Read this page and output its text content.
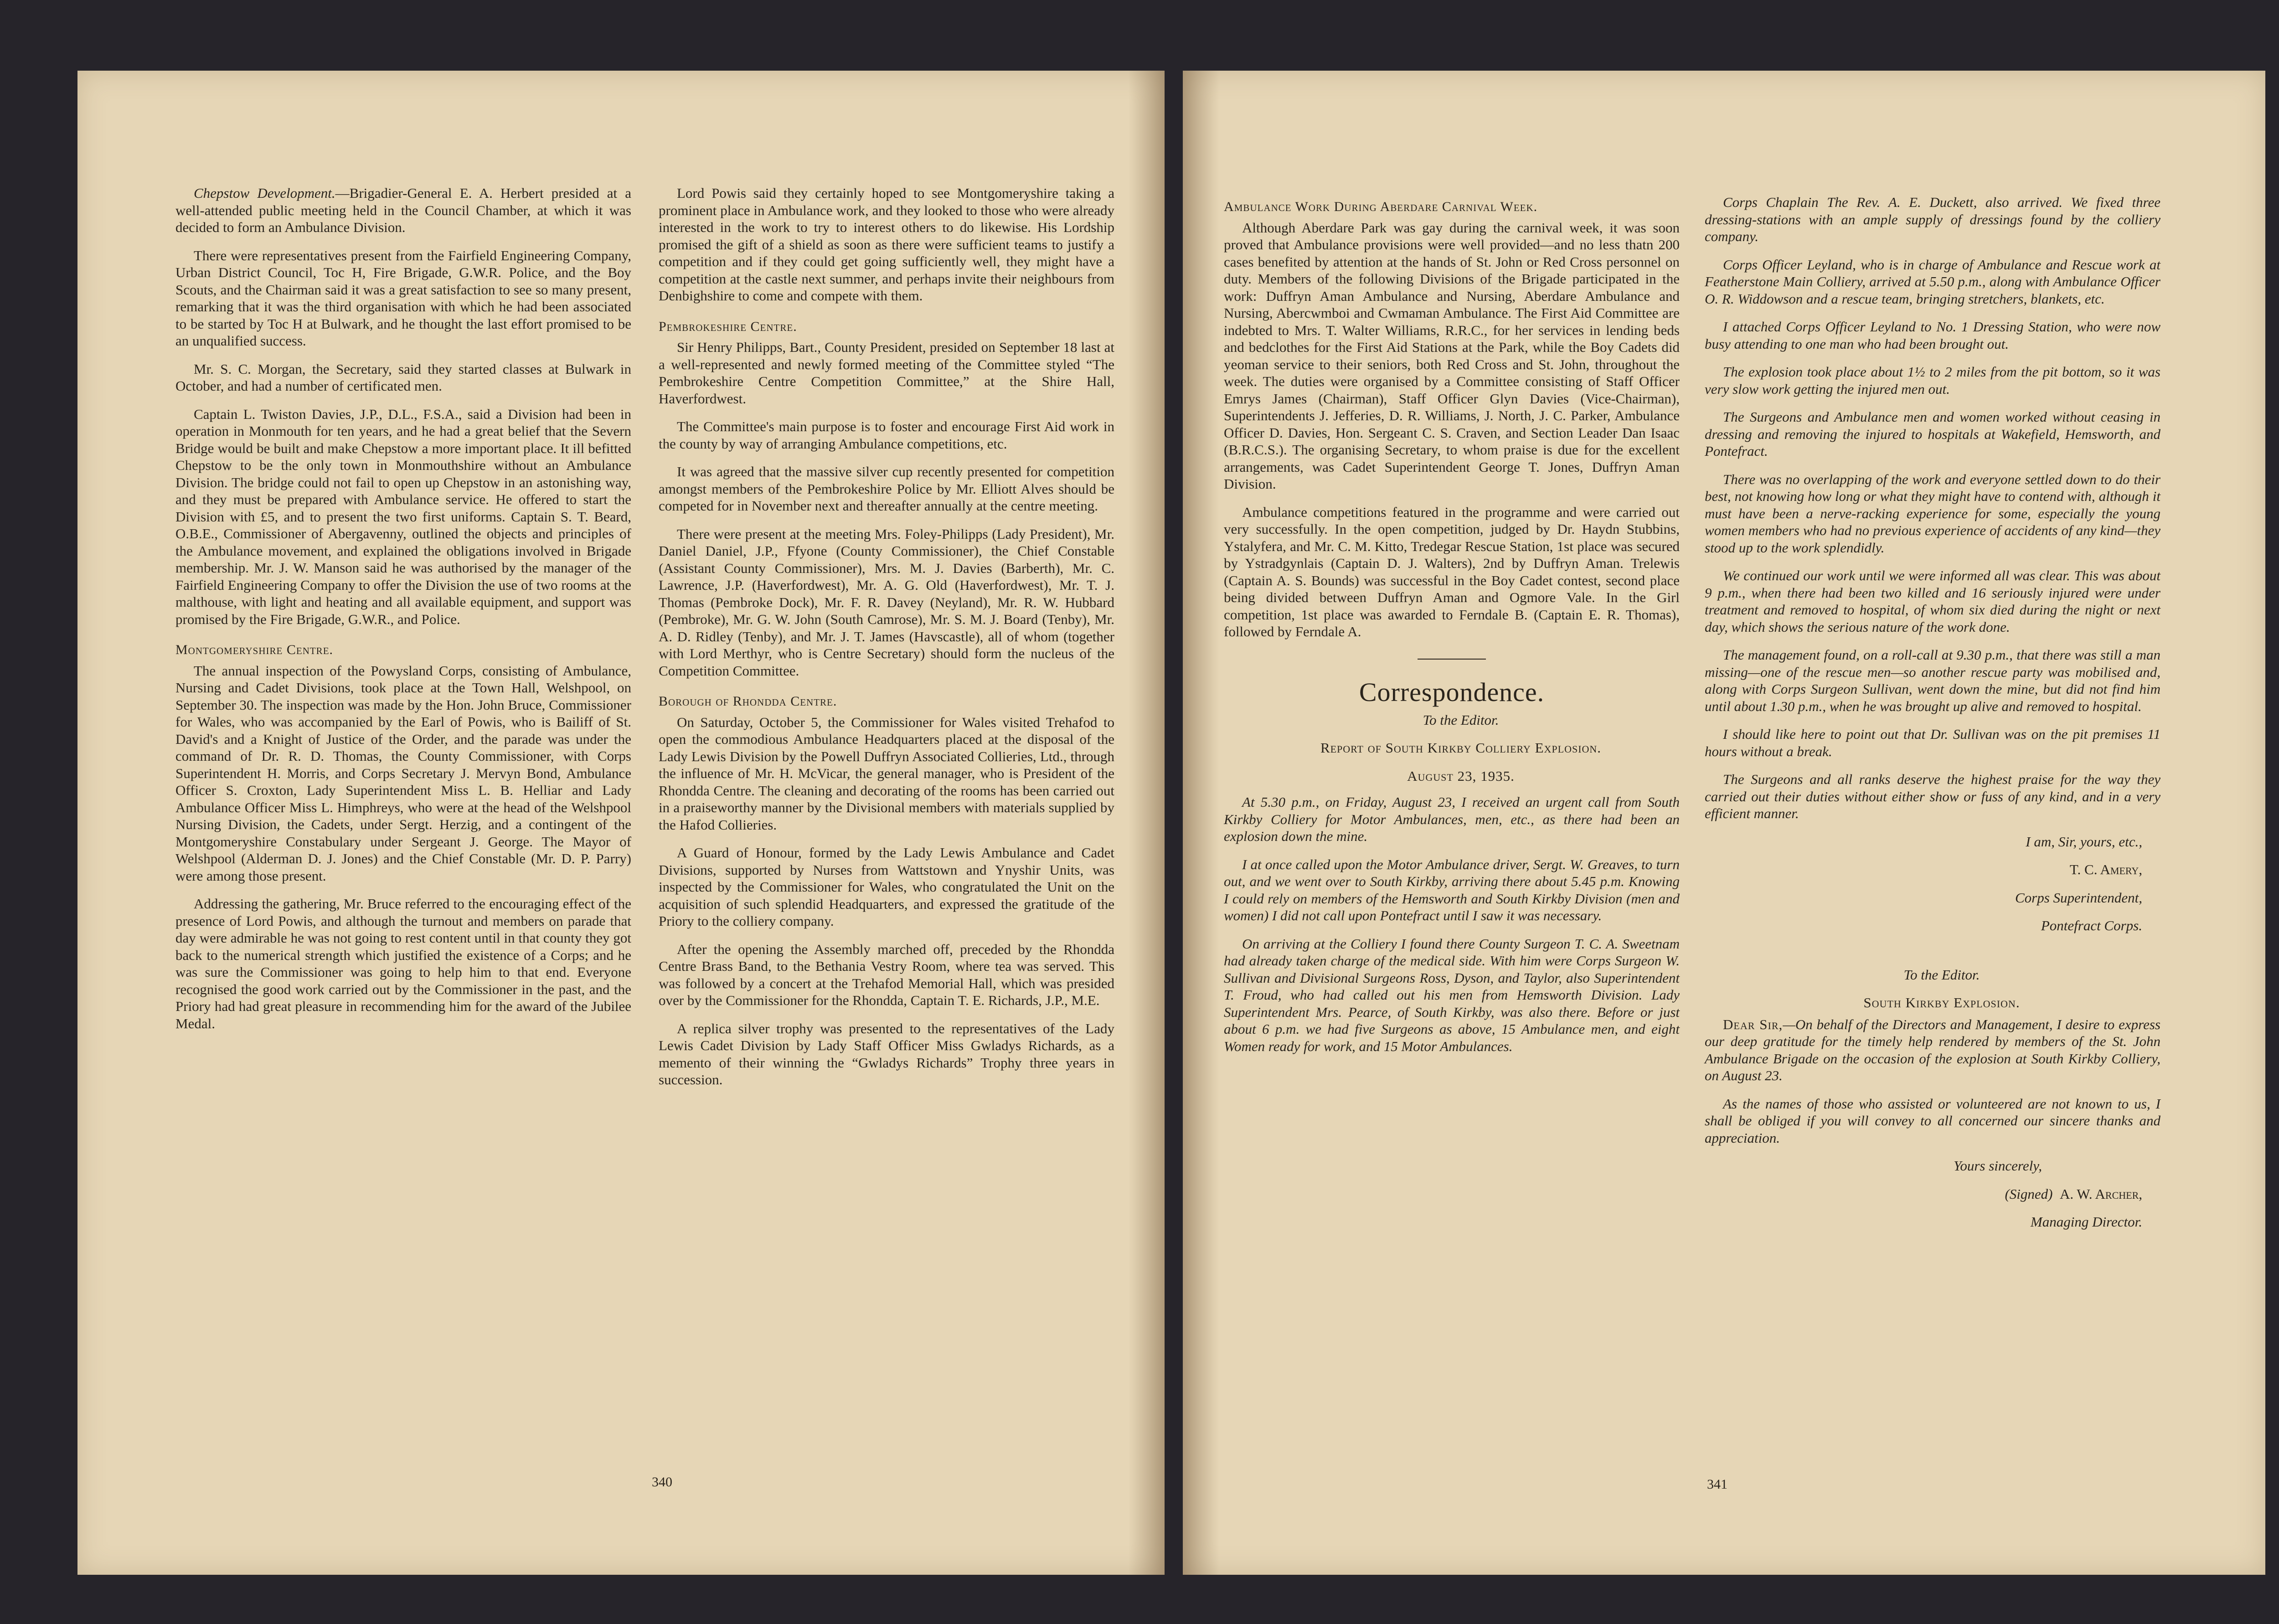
Chepstow Development.—Brigadier-General E. A. Herbert presided at a well-attended public meeting held in the Council Chamber, at which it was decided to form an Ambulance Division.

There were representatives present from the Fairfield Engineering Company, Urban District Council, Toc H, Fire Brigade, G.W.R. Police, and the Boy Scouts, and the Chairman said it was a great satisfaction to see so many present, remarking that it was the third organisation with which he had been associated to be started by Toc H at Bulwark, and he thought the last effort promised to be an unqualified success.

Mr. S. C. Morgan, the Secretary, said they started classes at Bulwark in October, and had a number of certificated men.

Captain L. Twiston Davies, J.P., D.L., F.S.A., said a Division had been in operation in Monmouth for ten years, and he had a great belief that the Severn Bridge would be built and make Chepstow a more important place. It ill befitted Chepstow to be the only town in Monmouthshire without an Ambulance Division. The bridge could not fail to open up Chepstow in an astonishing way, and they must be prepared with Ambulance service. He offered to start the Division with £5, and to present the two first uniforms. Captain S. T. Beard, O.B.E., Commissioner of Abergavenny, outlined the objects and principles of the Ambulance movement, and explained the obligations involved in Brigade membership. Mr. J. W. Manson said he was authorised by the manager of the Fairfield Engineering Company to offer the Division the use of two rooms at the malthouse, with light and heating and all available equipment, and support was promised by the Fire Brigade, G.W.R., and Police.

Montgomeryshire Centre.

The annual inspection of the Powysland Corps, consisting of Ambulance, Nursing and Cadet Divisions, took place at the Town Hall, Welshpool, on September 30. The inspection was made by the Hon. John Bruce, Commissioner for Wales, who was accompanied by the Earl of Powis, who is Bailiff of St. David's and a Knight of Justice of the Order, and the parade was under the command of Dr. R. D. Thomas, the County Commissioner, with Corps Superintendent H. Morris, and Corps Secretary J. Mervyn Bond, Ambulance Officer S. Croxton, Lady Superintendent Miss L. B. Helliar and Lady Ambulance Officer Miss L. Himphreys, who were at the head of the Welshpool Nursing Division, the Cadets, under Sergt. Herzig, and a contingent of the Montgomeryshire Constabulary under Sergeant J. George. The Mayor of Welshpool (Alderman D. J. Jones) and the Chief Constable (Mr. D. P. Parry) were among those present.

Addressing the gathering, Mr. Bruce referred to the encouraging effect of the presence of Lord Powis, and although the turnout and members on parade that day were admirable he was not going to rest content until in that county they got back to the numerical strength which justified the existence of a Corps; and he was sure the Commissioner was going to help him to that end. Everyone recognised the good work carried out by the Commissioner in the past, and the Priory had had great pleasure in recommending him for the award of the Jubilee Medal.

Lord Powis said they certainly hoped to see Montgomeryshire taking a prominent place in Ambulance work, and they looked to those who were already interested in the work to try to interest others to do likewise. His Lordship promised the gift of a shield as soon as there were sufficient teams to justify a competition and if they could get going sufficiently well, they might have a competition at the castle next summer, and perhaps invite their neighbours from Denbighshire to come and compete with them.

Pembrokeshire Centre.

Sir Henry Philipps, Bart., County President, presided on September 18 last at a well-represented and newly formed meeting of the Committee styled “The Pembrokeshire Centre Competition Committee,” at the Shire Hall, Haverfordwest.

The Committee's main purpose is to foster and encourage First Aid work in the county by way of arranging Ambulance competitions, etc.

It was agreed that the massive silver cup recently presented for competition amongst members of the Pembrokeshire Police by Mr. Elliott Alves should be competed for in November next and thereafter annually at the centre meeting.

There were present at the meeting Mrs. Foley-Philipps (Lady President), Mr. Daniel Daniel, J.P., Ffyone (County Commissioner), the Chief Constable (Assistant County Commissioner), Mrs. M. J. Davies (Barberth), Mr. C. Lawrence, J.P. (Haverfordwest), Mr. A. G. Old (Haverfordwest), Mr. T. J. Thomas (Pembroke Dock), Mr. F. R. Davey (Neyland), Mr. R. W. Hubbard (Pembroke), Mr. G. W. John (South Camrose), Mr. S. M. J. Board (Tenby), Mr. A. D. Ridley (Tenby), and Mr. J. T. James (Havscastle), all of whom (together with Lord Merthyr, who is Centre Secretary) should form the nucleus of the Competition Committee.

Borough of Rhondda Centre.

On Saturday, October 5, the Commissioner for Wales visited Trehafod to open the commodious Ambulance Headquarters placed at the disposal of the Lady Lewis Division by the Powell Duffryn Associated Collieries, Ltd., through the influence of Mr. H. McVicar, the general manager, who is President of the Rhondda Centre. The cleaning and decorating of the rooms has been carried out in a praiseworthy manner by the Divisional members with materials supplied by the Hafod Collieries.

A Guard of Honour, formed by the Lady Lewis Ambulance and Cadet Divisions, supported by Nurses from Wattstown and Ynyshir Units, was inspected by the Commissioner for Wales, who congratulated the Unit on the acquisition of such splendid Headquarters, and expressed the gratitude of the Priory to the colliery company.

After the opening the Assembly marched off, preceded by the Rhondda Centre Brass Band, to the Bethania Vestry Room, where tea was served. This was followed by a concert at the Trehafod Memorial Hall, which was presided over by the Commissioner for the Rhondda, Captain T. E. Richards, J.P., M.E.

A replica silver trophy was presented to the representatives of the Lady Lewis Cadet Division by Lady Staff Officer Miss Gwladys Richards, as a memento of their winning the “Gwladys Richards” Trophy three years in succession.

340
Ambulance Work During Aberdare Carnival Week.

Although Aberdare Park was gay during the carnival week, it was soon proved that Ambulance provisions were well provided—and no less thatn 200 cases benefited by attention at the hands of St. John or Red Cross personnel on duty. Members of the following Divisions of the Brigade participated in the work: Duffryn Aman Ambulance and Nursing, Aberdare Ambulance and Nursing, Abercwmboi and Cwmaman Ambulance. The First Aid Committee are indebted to Mrs. T. Walter Williams, R.R.C., for her services in lending beds and bedclothes for the First Aid Stations at the Park, while the Boy Cadets did yeoman service to their seniors, both Red Cross and St. John, throughout the week. The duties were organised by a Committee consisting of Staff Officer Emrys James (Chairman), Staff Officer Glyn Davies (Vice-Chairman), Superintendents J. Jefferies, D. R. Williams, J. North, J. C. Parker, Ambulance Officer D. Davies, Hon. Sergeant C. S. Craven, and Section Leader Dan Isaac (B.R.C.S.). The organising Secretary, to whom praise is due for the excellent arrangements, was Cadet Superintendent George T. Jones, Duffryn Aman Division.

Ambulance competitions featured in the programme and were carried out very successfully. In the open competition, judged by Dr. Haydn Stubbins, Ystalyfera, and Mr. C. M. Kitto, Tredegar Rescue Station, 1st place was secured by Ystradgynlais (Captain D. J. Walters), 2nd by Duffryn Aman. Trelewis (Captain A. S. Bounds) was successful in the Boy Cadet contest, second place being divided between Duffryn Aman and Ogmore Vale. In the Girl competition, 1st place was awarded to Ferndale B. (Captain E. R. Thomas), followed by Ferndale A.

Correspondence.

To the Editor.

Report of South Kirkby Colliery Explosion.

August 23, 1935.

At 5.30 p.m., on Friday, August 23, I received an urgent call from South Kirkby Colliery for Motor Ambulances, men, etc., as there had been an explosion down the mine.

I at once called upon the Motor Ambulance driver, Sergt. W. Greaves, to turn out, and we went over to South Kirkby, arriving there about 5.45 p.m. Knowing I could rely on members of the Hemsworth and South Kirkby Division (men and women) I did not call upon Pontefract until I saw it was necessary.

On arriving at the Colliery I found there County Surgeon T. C. A. Sweetnam had already taken charge of the medical side. With him were Corps Surgeon W. Sullivan and Divisional Surgeons Ross, Dyson, and Taylor, also Superintendent T. Froud, who had called out his men from Hemsworth Division. Lady Superintendent Mrs. Pearce, of South Kirkby, was also there. Before or just about 6 p.m. we had five Surgeons as above, 15 Ambulance men, and eight Women ready for work, and 15 Motor Ambulances.

Corps Chaplain The Rev. A. E. Duckett, also arrived. We fixed three dressing-stations with an ample supply of dressings found by the colliery company.

Corps Officer Leyland, who is in charge of Ambulance and Rescue work at Featherstone Main Colliery, arrived at 5.50 p.m., along with Ambulance Officer O. R. Widdowson and a rescue team, bringing stretchers, blankets, etc.

I attached Corps Officer Leyland to No. 1 Dressing Station, who were now busy attending to one man who had been brought out.

The explosion took place about 1½ to 2 miles from the pit bottom, so it was very slow work getting the injured men out.

The Surgeons and Ambulance men and women worked without ceasing in dressing and removing the injured to hospitals at Wakefield, Hemsworth, and Pontefract.

There was no overlapping of the work and everyone settled down to do their best, not knowing how long or what they might have to contend with, although it must have been a nerve-racking experience for some, especially the young women members who had no previous experience of accidents of any kind—they stood up to the work splendidly.

We continued our work until we were informed all was clear. This was about 9 p.m., when there had been two killed and 16 seriously injured were under treatment and removed to hospital, of whom six died during the night or next day, which shows the serious nature of the work done.

The management found, on a roll-call at 9.30 p.m., that there was still a man missing—one of the rescue men—so another rescue party was mobilised and, along with Corps Surgeon Sullivan, went down the mine, but did not find him until about 1.30 p.m., when he was brought up alive and removed to hospital.

I should like here to point out that Dr. Sullivan was on the pit premises 11 hours without a break.

The Surgeons and all ranks deserve the highest praise for the way they carried out their duties without either show or fuss of any kind, and in a very efficient manner.

I am, Sir, yours, etc.,

T. C. Amery,

Corps Superintendent,

Pontefract Corps.

To the Editor.

South Kirkby Explosion.

Dear Sir,—On behalf of the Directors and Management, I desire to express our deep gratitude for the timely help rendered by members of the St. John Ambulance Brigade on the occasion of the explosion at South Kirkby Colliery, on August 23.

As the names of those who assisted or volunteered are not known to us, I shall be obliged if you will convey to all concerned our sincere thanks and appreciation.

Yours sincerely,

(Signed) A. W. Archer,

Managing Director.

341
